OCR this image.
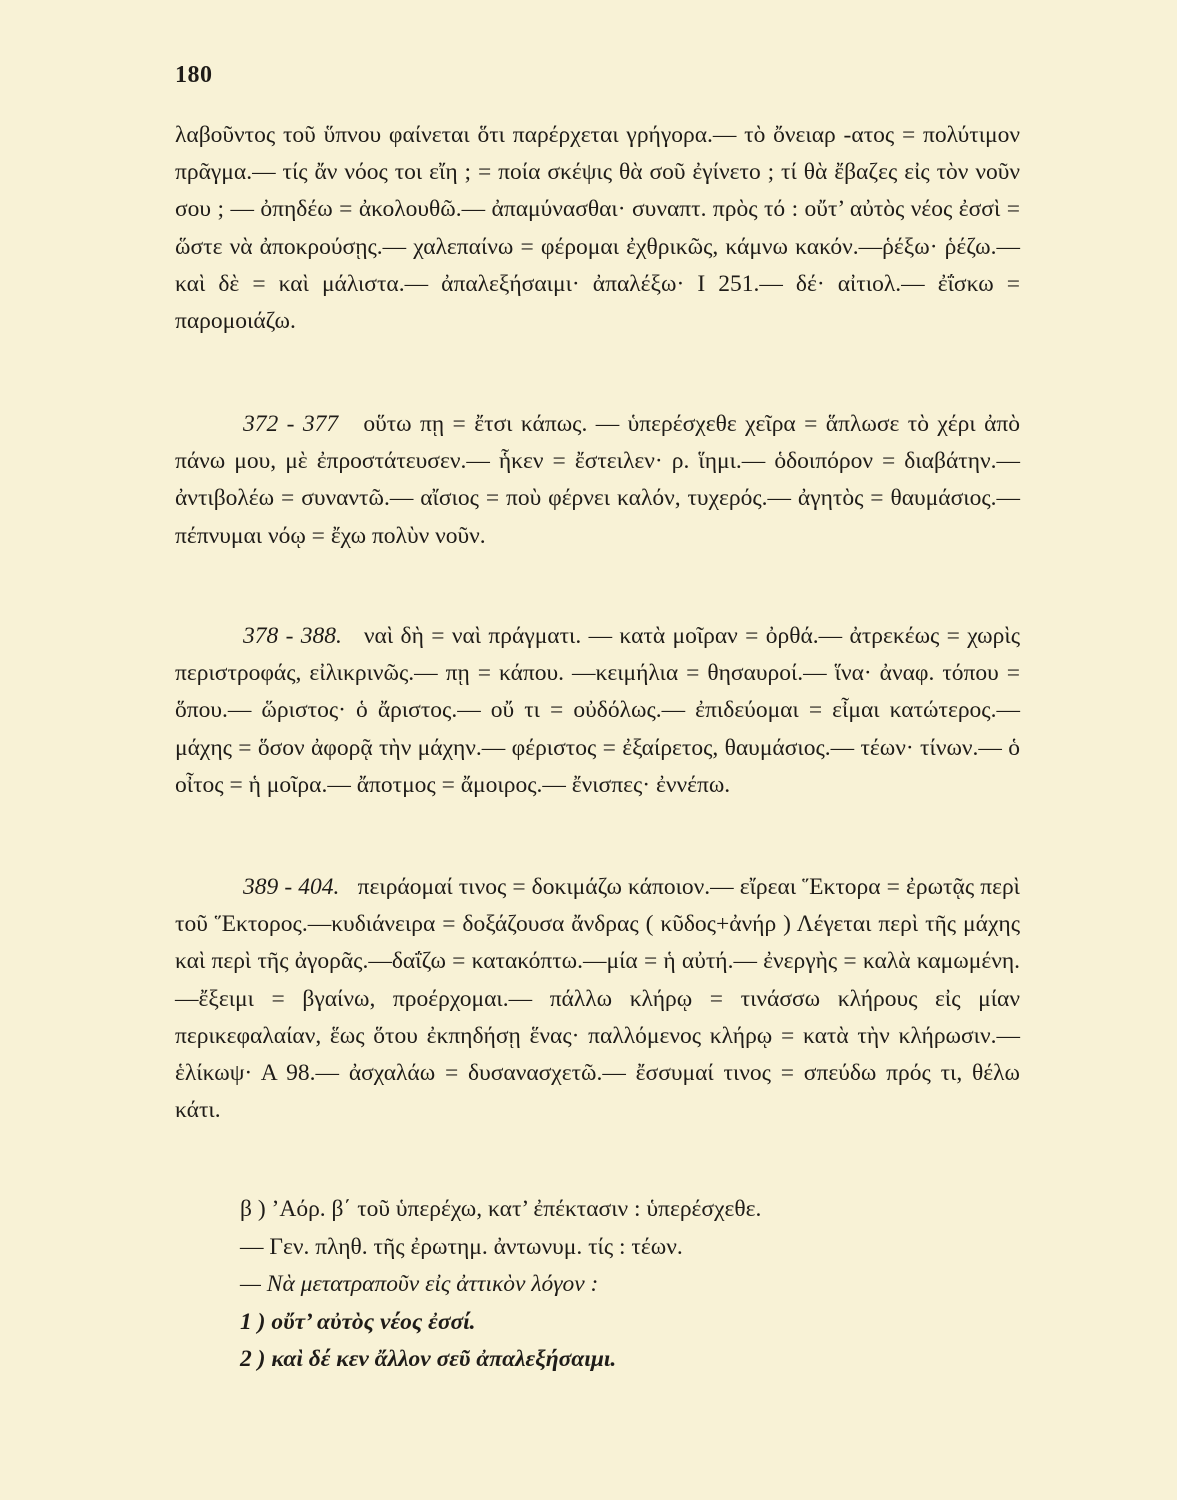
180

λαβοῦντος τοῦ ὕπνου φαίνεται ὅτι παρέρχεται γρήγορα.— τὸ ὄνειαρ -ατος = πολύτιμον πρᾶγμα.— τίς ἄν νόος τοι εἴη ; = ποία σκέψις θὰ σοῦ ἐγίνετο ; τί θὰ ἔβαζες εἰς τὸν νοῦν σου ; — ὀπηδέω = ἀκολουθῶ.— ἀπαμύνασθαι· συναπτ. πρὸς τό : οὔτ’ αὐτὸς νέος ἐσσὶ = ὥστε νὰ ἀποκρούσῃς.— χαλεπαίνω = φέρομαι ἐχθρικῶς, κάμνω κακόν.—ῥέξω· ῥέζω.— καὶ δὲ = καὶ μάλιστα.— ἀπαλεξήσαιμι· ἀπαλέξω· Ι 251.— δέ· αἰτιολ.— ἐΐσκω = παρομοιάζω.

372 - 377 οὕτω πῃ = ἔτσι κάπως. — ὑπερέσχεθε χεῖρα = ἅπλωσε τὸ χέρι ἀπὸ πάνω μου, μὲ ἐπροστάτευσεν.— ἧκεν = ἔστειλεν· ρ. ἵημι.— ὁδοιπόρον = διαβάτην.— ἀντιβολέω = συναντῶ.— αἴσιος = ποὺ φέρνει καλόν, τυχερός.— ἀγητὸς = θαυμάσιος.— πέπνυμαι νόῳ = ἔχω πολὺν νοῦν.

378 - 388. ναὶ δὴ = ναὶ πράγματι. — κατὰ μοῖραν = ὀρθά.— ἀτρεκέως = χωρὶς περιστροφάς, εἰλικρινῶς.— πῃ = κάπου. —κειμήλια = θησαυροί.— ἵνα· ἀναφ. τόπου = ὅπου.— ὥριστος· ὁ ἄριστος.— οὔ τι = οὐδόλως.— ἐπιδεύομαι = εἶμαι κατώτερος.— μάχης = ὅσον ἀφορᾷ τὴν μάχην.— φέριστος = ἐξαίρετος, θαυμάσιος.— τέων· τίνων.— ὁ οἶτος = ἡ μοῖρα.— ἄποτμος = ἄμοιρος.— ἔνισπες· ἐννέπω.

389 - 404. πειράομαί τινος = δοκιμάζω κάποιον.— εἴρεαι Ἕκτορα = ἐρωτᾷς περὶ τοῦ Ἕκτορος.—κυδιάνειρα = δοξάζουσα ἄνδρας ( κῦδος+ἀνήρ ) Λέγεται περὶ τῆς μάχης καὶ περὶ τῆς ἀγορᾶς.—δαΐζω = κατακόπτω.—μία = ἡ αὐτή.— ἐνεργὴς = καλὰ καμωμένη. —ἔξειμι = βγαίνω, προέρχομαι.— πάλλω κλήρῳ = τινάσσω κλήρους εἰς μίαν περικεφαλαίαν, ἕως ὅτου ἐκπηδήσῃ ἕνας· παλλόμενος κλήρῳ = κατὰ τὴν κλήρωσιν.— ἑλίκωψ· Α 98.— ἀσχαλάω = δυσανασχετῶ.— ἔσσυμαί τινος = σπεύδω πρός τι, θέλω κάτι.

β ) ’Αόρ. β΄ τοῦ ὑπερέχω, κατ’ ἐπέκτασιν : ὑπερέσχεθε.
— Γεν. πληθ. τῆς ἐρωτημ. ἀντωνυμ. τίς : τέων.
— Νὰ μετατραποῦν εἰς ἀττικὸν λόγον :
1 ) οὔτ’ αὐτὸς νέος ἐσσί.
2 ) καὶ δέ κεν ἄλλον σεῦ ἀπαλεξήσαιμι.
